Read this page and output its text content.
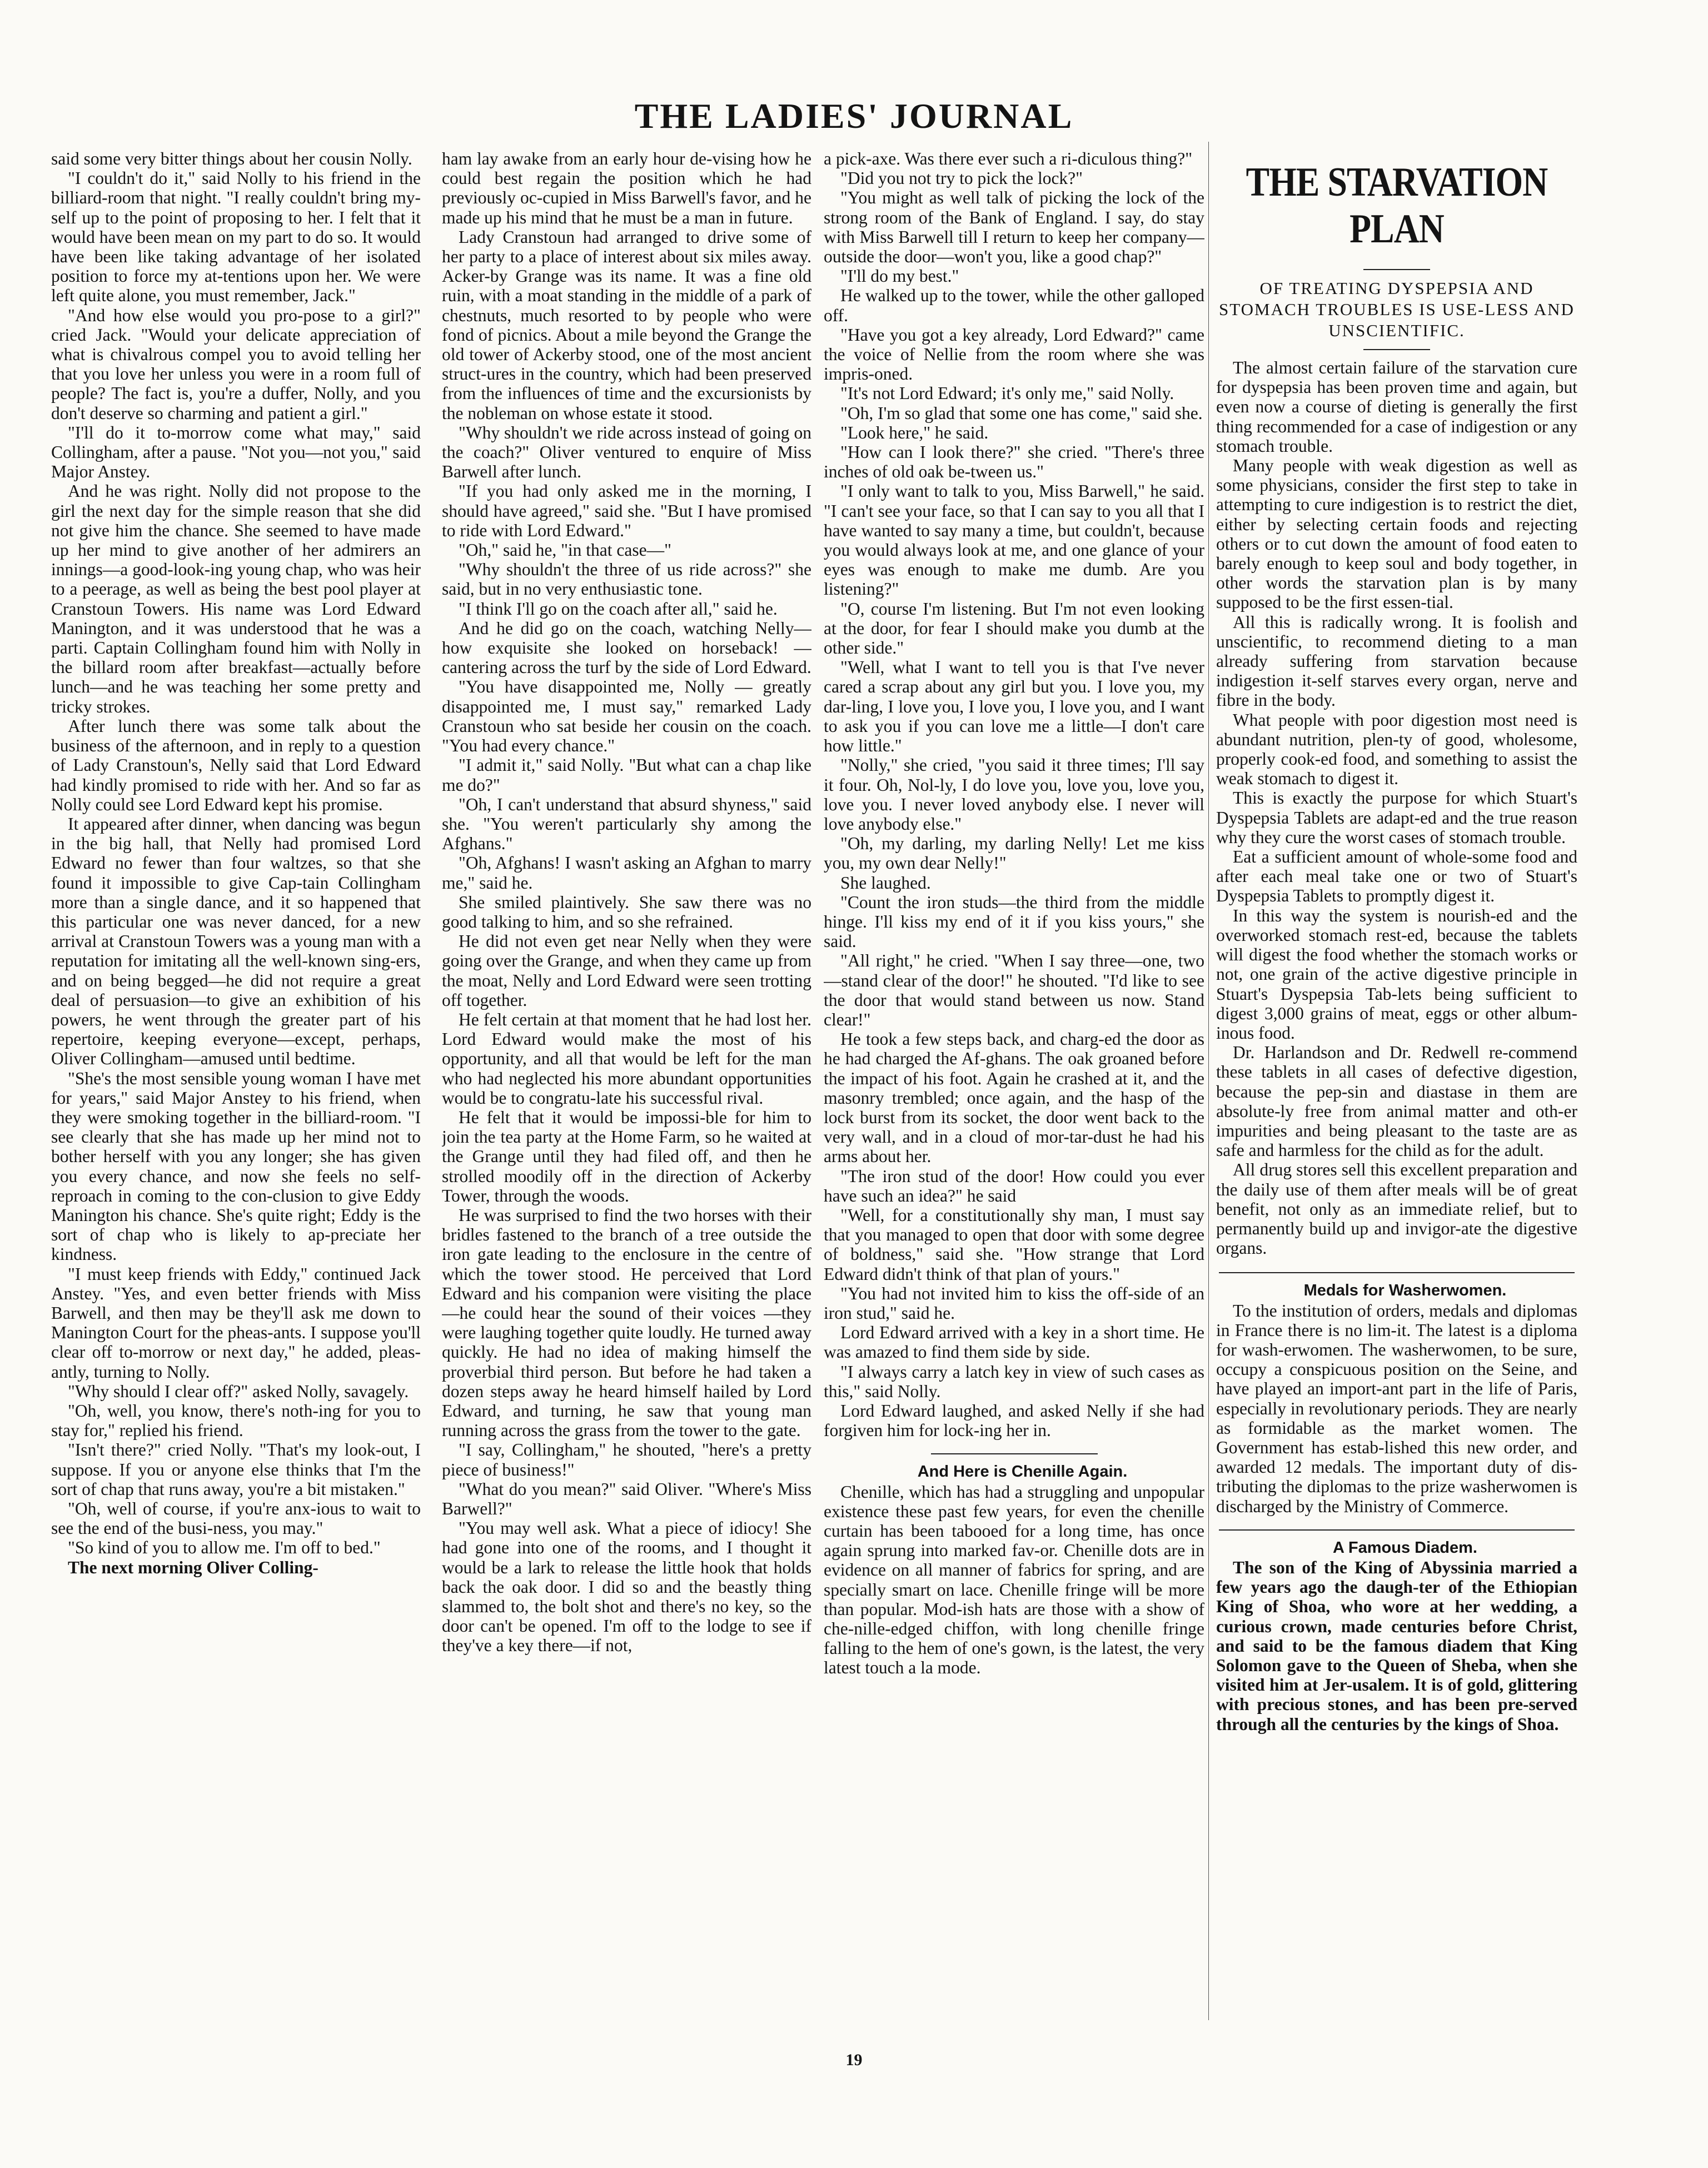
THE LADIES' JOURNAL

said some very bitter things about her cousin Nolly.

"I couldn't do it," said Nolly to his friend in the billiard-room that night. "I really couldn't bring my-self up to the point of proposing to her. I felt that it would have been mean on my part to do so. It would have been like taking advantage of her isolated position to force my at-tentions upon her. We were left quite alone, you must remember, Jack."

"And how else would you pro-pose to a girl?" cried Jack. "Would your delicate appreciation of what is chivalrous compel you to avoid telling her that you love her unless you were in a room full of people? The fact is, you're a duffer, Nolly, and you don't deserve so charming and patient a girl."

"I'll do it to-morrow come what may," said Collingham, after a pause. "Not you—not you," said Major Anstey.

And he was right. Nolly did not propose to the girl the next day for the simple reason that she did not give him the chance. She seemed to have made up her mind to give another of her admirers an innings—a good-look-ing young chap, who was heir to a peerage, as well as being the best pool player at Cranstoun Towers. His name was Lord Edward Manington, and it was understood that he was a parti. Captain Collingham found him with Nolly in the billard room after breakfast—actually before lunch—and he was teaching her some pretty and tricky strokes.

After lunch there was some talk about the business of the afternoon, and in reply to a question of Lady Cranstoun's, Nelly said that Lord Edward had kindly promised to ride with her. And so far as Nolly could see Lord Edward kept his promise.

It appeared after dinner, when dancing was begun in the big hall, that Nelly had promised Lord Edward no fewer than four waltzes, so that she found it impossible to give Cap-tain Collingham more than a single dance, and it so happened that this particular one was never danced, for a new arrival at Cranstoun Towers was a young man with a reputation for imitating all the well-known sing-ers, and on being begged—he did not require a great deal of persuasion—to give an exhibition of his powers, he went through the greater part of his repertoire, keeping everyone—except, perhaps, Oliver Collingham—amused until bedtime.

"She's the most sensible young woman I have met for years," said Major Anstey to his friend, when they were smoking together in the billiard-room. "I see clearly that she has made up her mind not to bother herself with you any longer; she has given you every chance, and now she feels no self-reproach in coming to the con-clusion to give Eddy Manington his chance. She's quite right; Eddy is the sort of chap who is likely to ap-preciate her kindness.

"I must keep friends with Eddy," continued Jack Anstey. "Yes, and even better friends with Miss Barwell, and then may be they'll ask me down to Manington Court for the pheas-ants. I suppose you'll clear off to-morrow or next day," he added, pleas-antly, turning to Nolly.

"Why should I clear off?" asked Nolly, savagely.

"Oh, well, you know, there's noth-ing for you to stay for," replied his friend.

"Isn't there?" cried Nolly. "That's my look-out, I suppose. If you or anyone else thinks that I'm the sort of chap that runs away, you're a bit mistaken."

"Oh, well of course, if you're anx-ious to wait to see the end of the busi-ness, you may."

"So kind of you to allow me. I'm off to bed."

The next morning Oliver Colling-

ham lay awake from an early hour de-vising how he could best regain the position which he had previously oc-cupied in Miss Barwell's favor, and he made up his mind that he must be a man in future.

Lady Cranstoun had arranged to drive some of her party to a place of interest about six miles away. Acker-by Grange was its name. It was a fine old ruin, with a moat standing in the middle of a park of chestnuts, much resorted to by people who were fond of picnics. About a mile beyond the Grange the old tower of Ackerby stood, one of the most ancient struct-ures in the country, which had been preserved from the influences of time and the excursionists by the nobleman on whose estate it stood.

"Why shouldn't we ride across instead of going on the coach?" Oliver ventured to enquire of Miss Barwell after lunch.

"If you had only asked me in the morning, I should have agreed," said she. "But I have promised to ride with Lord Edward."

"Oh," said he, "in that case—"

"Why shouldn't the three of us ride across?" she said, but in no very enthusiastic tone.

"I think I'll go on the coach after all," said he.

And he did go on the coach, watching Nelly—how exquisite she looked on horseback! — cantering across the turf by the side of Lord Edward.

"You have disappointed me, Nolly — greatly disappointed me, I must say," remarked Lady Cranstoun who sat beside her cousin on the coach. "You had every chance."

"I admit it," said Nolly. "But what can a chap like me do?"

"Oh, I can't understand that absurd shyness," said she. "You weren't particularly shy among the Afghans."

"Oh, Afghans! I wasn't asking an Afghan to marry me," said he.

She smiled plaintively. She saw there was no good talking to him, and so she refrained.

He did not even get near Nelly when they were going over the Grange, and when they came up from the moat, Nelly and Lord Edward were seen trotting off together.

He felt certain at that moment that he had lost her. Lord Edward would make the most of his opportunity, and all that would be left for the man who had neglected his more abundant opportunities would be to congratu-late his successful rival.

He felt that it would be impossi-ble for him to join the tea party at the Home Farm, so he waited at the Grange until they had filed off, and then he strolled moodily off in the direction of Ackerby Tower, through the woods.

He was surprised to find the two horses with their bridles fastened to the branch of a tree outside the iron gate leading to the enclosure in the centre of which the tower stood. He perceived that Lord Edward and his companion were visiting the place—he could hear the sound of their voices —they were laughing together quite loudly. He turned away quickly. He had no idea of making himself the proverbial third person. But before he had taken a dozen steps away he heard himself hailed by Lord Edward, and turning, he saw that young man running across the grass from the tower to the gate.

"I say, Collingham," he shouted, "here's a pretty piece of business!"

"What do you mean?" said Oliver. "Where's Miss Barwell?"

"You may well ask. What a piece of idiocy! She had gone into one of the rooms, and I thought it would be a lark to release the little hook that holds back the oak door. I did so and the beastly thing slammed to, the bolt shot and there's no key, so the door can't be opened. I'm off to the lodge to see if they've a key there—if not,

a pick-axe. Was there ever such a ri-diculous thing?"

"Did you not try to pick the lock?"

"You might as well talk of picking the lock of the strong room of the Bank of England. I say, do stay with Miss Barwell till I return to keep her company—outside the door—won't you, like a good chap?"

"I'll do my best."

He walked up to the tower, while the other galloped off.

"Have you got a key already, Lord Edward?" came the voice of Nellie from the room where she was impris-oned.

"It's not Lord Edward; it's only me," said Nolly.

"Oh, I'm so glad that some one has come," said she.

"Look here," he said.

"How can I look there?" she cried. "There's three inches of old oak be-tween us."

"I only want to talk to you, Miss Barwell," he said. "I can't see your face, so that I can say to you all that I have wanted to say many a time, but couldn't, because you would always look at me, and one glance of your eyes was enough to make me dumb. Are you listening?"

"O, course I'm listening. But I'm not even looking at the door, for fear I should make you dumb at the other side."

"Well, what I want to tell you is that I've never cared a scrap about any girl but you. I love you, my dar-ling, I love you, I love you, I love you, and I want to ask you if you can love me a little—I don't care how little."

"Nolly," she cried, "you said it three times; I'll say it four. Oh, Nol-ly, I do love you, love you, love you, love you. I never loved anybody else. I never will love anybody else."

"Oh, my darling, my darling Nelly! Let me kiss you, my own dear Nelly!"

She laughed.

"Count the iron studs—the third from the middle hinge. I'll kiss my end of it if you kiss yours," she said.

"All right," he cried. "When I say three—one, two—stand clear of the door!" he shouted. "I'd like to see the door that would stand between us now. Stand clear!"

He took a few steps back, and charg-ed the door as he had charged the Af-ghans. The oak groaned before the impact of his foot. Again he crashed at it, and the masonry trembled; once again, and the hasp of the lock burst from its socket, the door went back to the very wall, and in a cloud of mor-tar-dust he had his arms about her.

"The iron stud of the door! How could you ever have such an idea?" he said

"Well, for a constitutionally shy man, I must say that you managed to open that door with some degree of boldness," said she. "How strange that Lord Edward didn't think of that plan of yours."

"You had not invited him to kiss the off-side of an iron stud," said he.

Lord Edward arrived with a key in a short time. He was amazed to find them side by side.

"I always carry a latch key in view of such cases as this," said Nolly.

Lord Edward laughed, and asked Nelly if she had forgiven him for lock-ing her in.

And Here is Chenille Again.

Chenille, which has had a struggling and unpopular existence these past few years, for even the chenille curtain has been tabooed for a long time, has once again sprung into marked fav-or. Chenille dots are in evidence on all manner of fabrics for spring, and are specially smart on lace. Chenille fringe will be more than popular. Mod-ish hats are those with a show of che-nille-edged chiffon, with long chenille fringe falling to the hem of one's gown, is the latest, the very latest touch a la mode.

THE STARVATION PLAN
OF TREATING DYSPEPSIA AND STOMACH TROUBLES IS USE-LESS AND UNSCIENTIFIC.

The almost certain failure of the starvation cure for dyspepsia has been proven time and again, but even now a course of dieting is generally the first thing recommended for a case of indigestion or any stomach trouble.

Many people with weak digestion as well as some physicians, consider the first step to take in attempting to cure indigestion is to restrict the diet, either by selecting certain foods and rejecting others or to cut down the amount of food eaten to barely enough to keep soul and body together, in other words the starvation plan is by many supposed to be the first essen-tial.

All this is radically wrong. It is foolish and unscientific, to recommend dieting to a man already suffering from starvation because indigestion it-self starves every organ, nerve and fibre in the body.

What people with poor digestion most need is abundant nutrition, plen-ty of good, wholesome, properly cook-ed food, and something to assist the weak stomach to digest it.

This is exactly the purpose for which Stuart's Dyspepsia Tablets are adapt-ed and the true reason why they cure the worst cases of stomach trouble.

Eat a sufficient amount of whole-some food and after each meal take one or two of Stuart's Dyspepsia Tablets to promptly digest it.

In this way the system is nourish-ed and the overworked stomach rest-ed, because the tablets will digest the food whether the stomach works or not, one grain of the active digestive principle in Stuart's Dyspepsia Tab-lets being sufficient to digest 3,000 grains of meat, eggs or other album-inous food.

Dr. Harlandson and Dr. Redwell re-commend these tablets in all cases of defective digestion, because the pep-sin and diastase in them are absolute-ly free from animal matter and oth-er impurities and being pleasant to the taste are as safe and harmless for the child as for the adult.

All drug stores sell this excellent preparation and the daily use of them after meals will be of great benefit, not only as an immediate relief, but to permanently build up and invigor-ate the digestive organs.

Medals for Washerwomen.

To the institution of orders, medals and diplomas in France there is no lim-it. The latest is a diploma for wash-erwomen. The washerwomen, to be sure, occupy a conspicuous position on the Seine, and have played an import-ant part in the life of Paris, especially in revolutionary periods. They are nearly as formidable as the market women. The Government has estab-lished this new order, and awarded 12 medals. The important duty of dis-tributing the diplomas to the prize washerwomen is discharged by the Ministry of Commerce.

A Famous Diadem.

The son of the King of Abyssinia married a few years ago the daugh-ter of the Ethiopian King of Shoa, who wore at her wedding, a curious crown, made centuries before Christ, and said to be the famous diadem that King Solomon gave to the Queen of Sheba, when she visited him at Jer-usalem. It is of gold, glittering with precious stones, and has been pre-served through all the centuries by the kings of Shoa.

19
